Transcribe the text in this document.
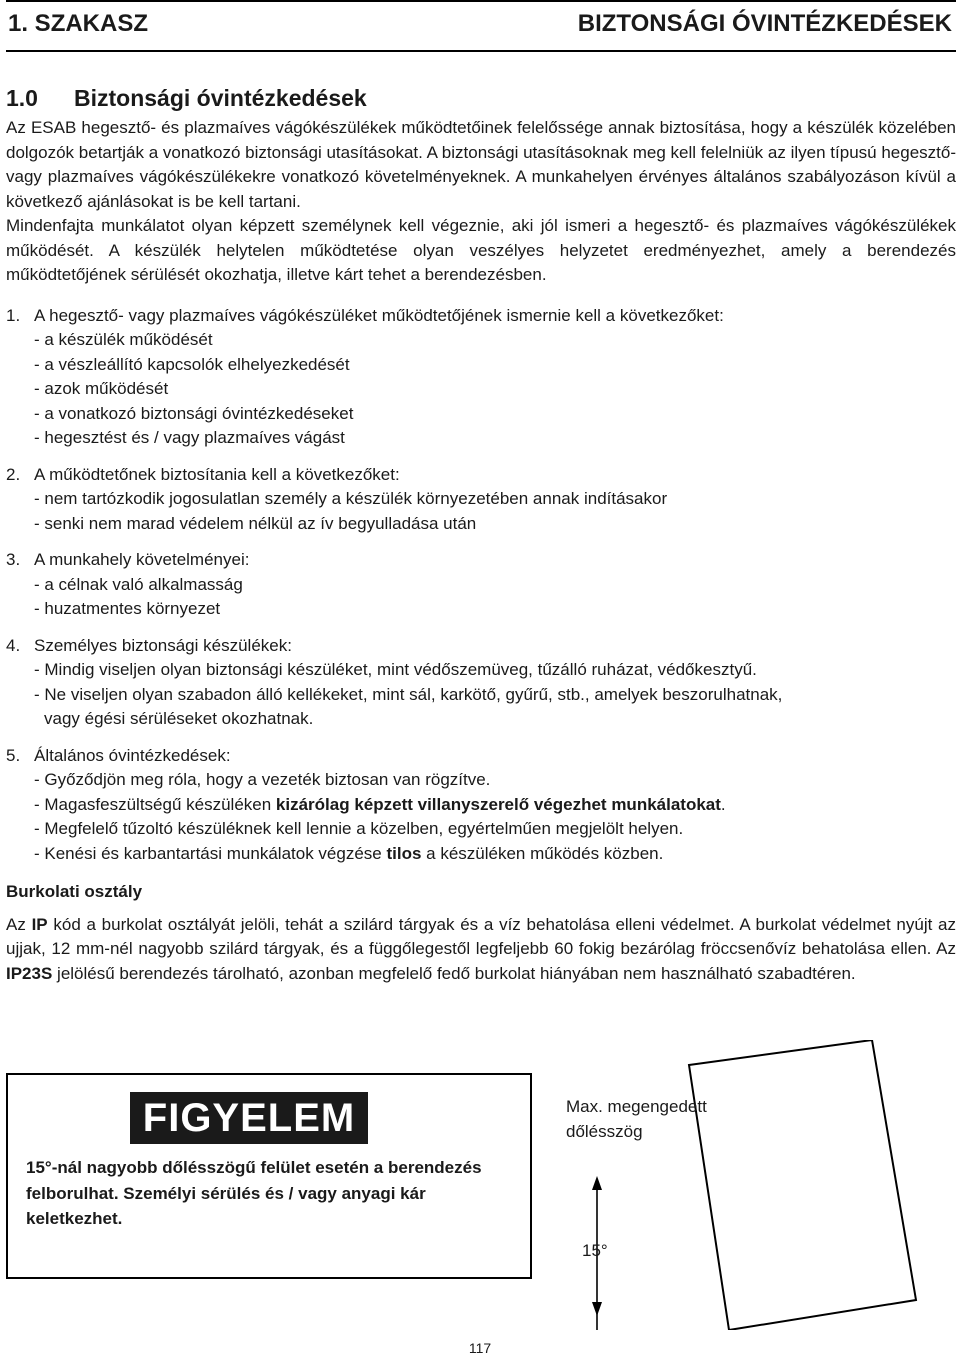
1. SZAKASZ	BIZTONSÁGI ÓVINTÉZKEDÉSEK
1.0 Biztonsági óvintézkedések

Az ESAB hegesztő- és plazmaíves vágókészülékek működtetőinek felelőssége annak biztosítása, hogy a készülék közelében dolgozók betartják a vonatkozó biztonsági utasításokat. A biztonsági utasításoknak meg kell felelniük az ilyen típusú hegesztő- vagy plazmaíves vágókészülékekre vonatkozó követelményeknek. A munkahelyen érvényes általános szabályozáson kívül a következő ajánlásokat is be kell tartani.

Mindenfajta munkálatot olyan képzett személynek kell végeznie, aki jól ismeri a hegesztő- és plazmaíves vágókészülékek működését. A készülék helytelen működtetése olyan veszélyes helyzetet eredményezhet, amely a berendezés működtetőjének sérülését okozhatja, illetve kárt tehet a berendezésben.

1. A hegesztő- vagy plazmaíves vágókészüléket működtetőjének ismernie kell a következőket:
- a készülék működését
- a vészleállító kapcsolók elhelyezkedését
- azok működését
- a vonatkozó biztonsági óvintézkedéseket
- hegesztést és / vagy plazmaíves vágást
2. A működtetőnek biztosítania kell a következőket:
- nem tartózkodik jogosulatlan személy a készülék környezetében annak indításakor
- senki nem marad védelem nélkül az ív begyulladása után
3. A munkahely követelményei:
- a célnak való alkalmasság
- huzatmentes környezet
4. Személyes biztonsági készülékek:
- Mindig viseljen olyan biztonsági készüléket, mint védőszemüveg, tűzálló ruházat, védőkesztyű.
- Ne viseljen olyan szabadon álló kellékeket, mint sál, karkötő, gyűrű, stb., amelyek beszorulhatnak,
vagy égési sérüléseket okozhatnak.
5. Általános óvintézkedések:
- Győződjön meg róla, hogy a vezeték biztosan van rögzítve.
- Magasfeszültségű készüléken kizárólag képzett villanyszerelő végezhet munkálatokat.
- Megfelelő tűzoltó készüléknek kell lennie a közelben, egyértelműen megjelölt helyen.
- Kenési és karbantartási munkálatok végzése tilos a készüléken működés közben.
Burkolati osztály

Az IP kód a burkolat osztályát jelöli, tehát a szilárd tárgyak és a víz behatolása elleni védelmet. A burkolat védelmet nyújt az ujjak, 12 mm-nél nagyobb szilárd tárgyak, és a függőlegestől legfeljebb 60 fokig bezárólag fröccsenővíz behatolása ellen. Az IP23S jelölésű berendezés tárolható, azonban megfelelő fedő burkolat hiányában nem használható szabadtéren.

FIGYELEM
15°-nál nagyobb dőlésszögű felület esetén a berendezés felborulhat. Személyi sérülés és / vagy anyagi kár keletkezhet.
Max. megengedett dőlésszög
15°
117
